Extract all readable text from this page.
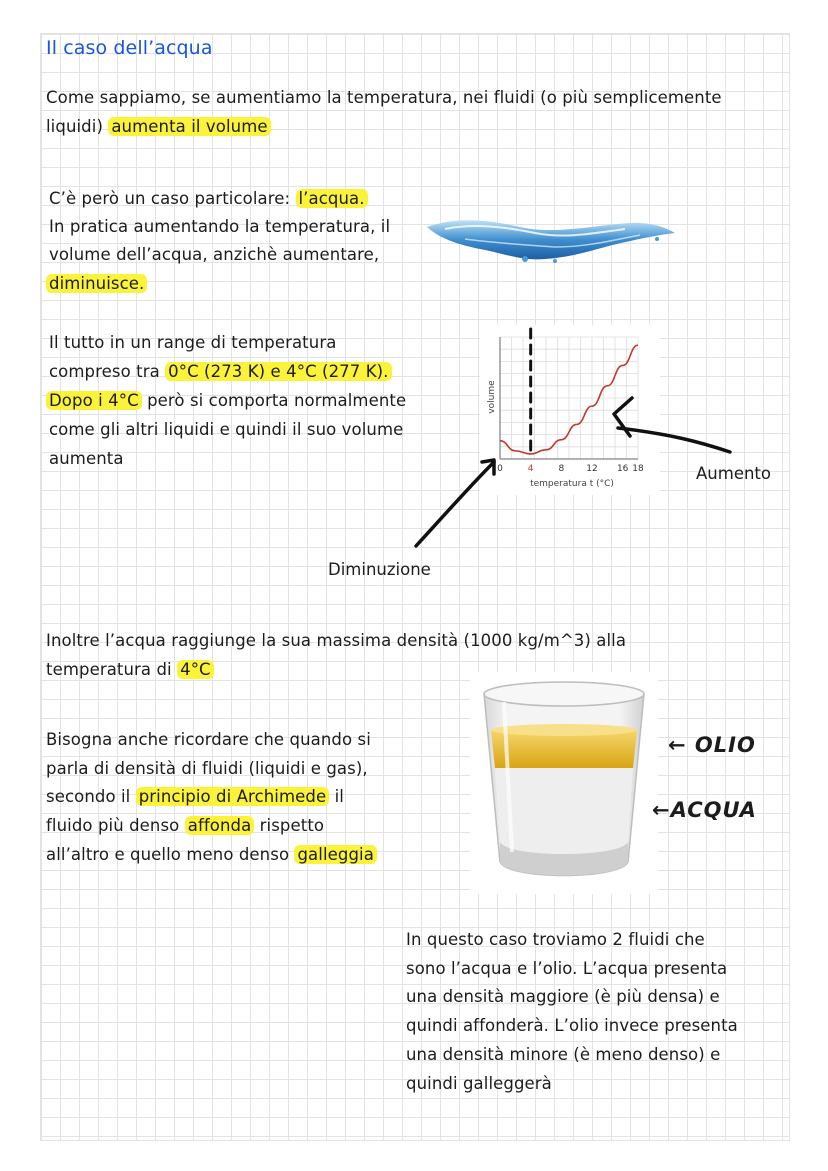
Il caso dell’acqua
Come sappiamo, se aumentiamo la temperatura, nei fluidi (o più semplicemente
liquidi) aumenta il volume
C’è però un caso particolare: l’acqua.
In pratica aumentando la temperatura, il
volume dell’acqua, anzichè aumentare,
diminuisce.
Il tutto in un range di temperatura
compreso tra 0°C (273 K) e 4°C (277 K).
Dopo i 4°C però si comporta normalmente
come gli altri liquidi e quindi il suo volume
aumenta
volume
0	4	8 12 16 18
temperatura t (°C)
Aumento
Diminuzione
Inoltre l’acqua raggiunge la sua massima densità (1000 kg/m^3) alla
temperatura di 4°C
Bisogna anche ricordare che quando si
parla di densità di fluidi (liquidi e gas),
secondo il principio di Archimede il
fluido più denso affonda rispetto
all’altro e quello meno denso galleggia
← OLIO
←ACQUA
In questo caso troviamo 2 fluidi che
sono l’acqua e l’olio. L’acqua presenta
una densità maggiore (è più densa) e
quindi affonderà. L’olio invece presenta
una densità minore (è meno denso) e
quindi galleggerà
